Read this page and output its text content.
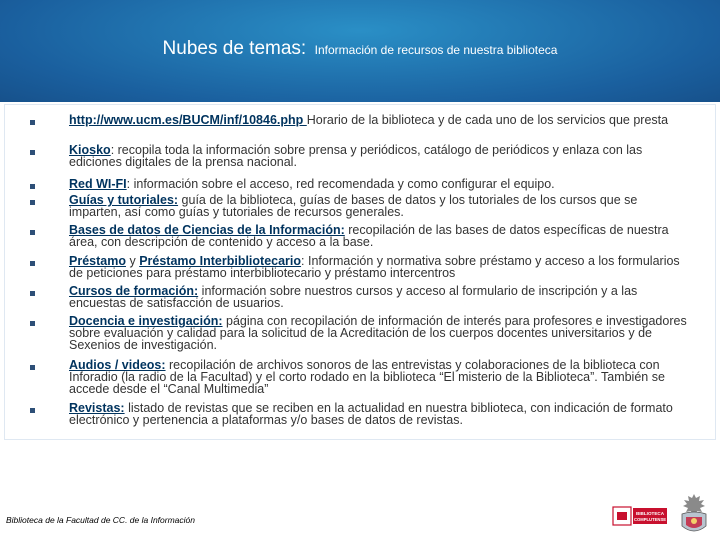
Nubes de temas: Información de recursos de nuestra biblioteca
http://www.ucm.es/BUCM/inf/10846.php Horario de la biblioteca y de cada uno de los servicios que presta
Kiosko: recopila toda la información sobre prensa y periódicos, catálogo de periódicos y enlaza con las ediciones digitales de la prensa nacional.
Red WI-FI: información sobre el acceso, red recomendada y como configurar el equipo.
Guías y tutoriales: guía de la biblioteca, guías de bases de datos y los tutoriales de los cursos que se imparten, así como guías y tutoriales de recursos generales.
Bases de datos de Ciencias de la Información: recopilación de las bases de datos específicas de nuestra área, con descripción de contenido y acceso a la base.
Préstamo y Préstamo Interbibliotecario: Información y normativa sobre préstamo y acceso a los formularios de peticiones para préstamo interbibliotecario y préstamo intercentros
Cursos de formación: información sobre nuestros cursos y acceso al formulario de inscripción y a las encuestas de satisfacción de usuarios.
Docencia e investigación: página con recopilación de información de interés para profesores e investigadores sobre evaluación y calidad para la solicitud de la Acreditación de los cuerpos docentes universitarios y de Sexenios de investigación.
Audios / videos: recopilación de archivos sonoros de las entrevistas y colaboraciones de la biblioteca con Inforadio (la radio de la Facultad) y el corto rodado en la biblioteca “El misterio de la Biblioteca”. También se accede desde el “Canal Multimedia”
Revistas: listado de revistas que se reciben en la actualidad en nuestra biblioteca, con indicación de formato electrónico y pertenencia a plataformas y/o bases de datos de revistas.
Biblioteca de la Facultad de CC. de la Información
BIBLIOTECA
COMPLUTENSE
